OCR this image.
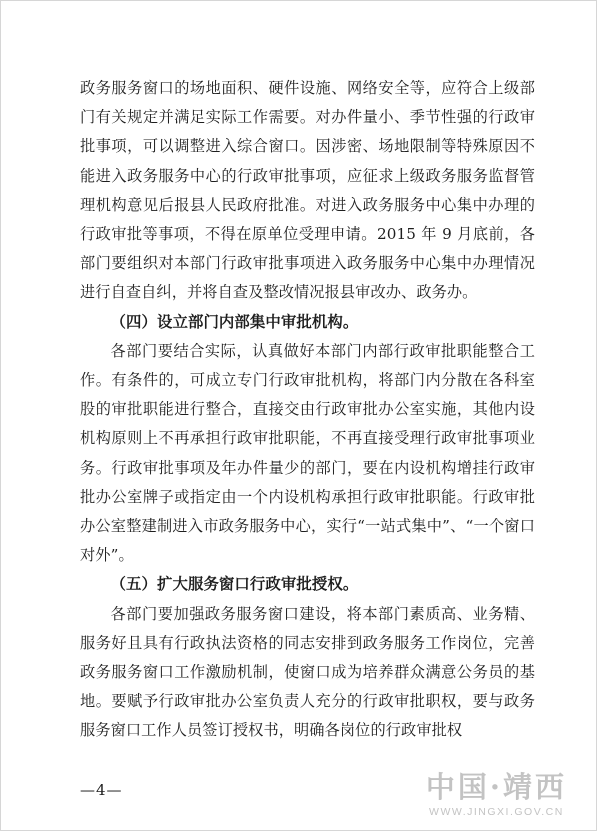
政务服务窗口的场地面积、硬件设施、网络安全等，应符合上级部门有关规定并满足实际工作需要。对办件量小、季节性强的行政审批事项，可以调整进入综合窗口。因涉密、场地限制等特殊原因不能进入政务服务中心的行政审批事项，应征求上级政务服务监督管理机构意见后报县人民政府批准。对进入政务服务中心集中办理的行政审批等事项，不得在原单位受理申请。2015 年 9 月底前，各部门要组织对本部门行政审批事项进入政务服务中心集中办理情况进行自查自纠，并将自查及整改情况报县审改办、政务办。

（四）设立部门内部集中审批机构。

各部门要结合实际，认真做好本部门内部行政审批职能整合工作。有条件的，可成立专门行政审批机构，将部门内分散在各科室股的审批职能进行整合，直接交由行政审批办公室实施，其他内设机构原则上不再承担行政审批职能，不再直接受理行政审批事项业务。行政审批事项及年办件量少的部门，要在内设机构增挂行政审批办公室牌子或指定由一个内设机构承担行政审批职能。行政审批办公室整建制进入市政务服务中心，实行“一站式集中”、“一个窗口对外”。

（五）扩大服务窗口行政审批授权。

各部门要加强政务服务窗口建设，将本部门素质高、业务精、服务好且具有行政执法资格的同志安排到政务服务工作岗位，完善政务服务窗口工作激励机制，使窗口成为培养群众满意公务员的基地。要赋予行政审批办公室负责人充分的行政审批职权，要与政务服务窗口工作人员签订授权书，明确各岗位的行政审批权

—4—	中国·靖西
WWW.JINGXI.GOV.CN
